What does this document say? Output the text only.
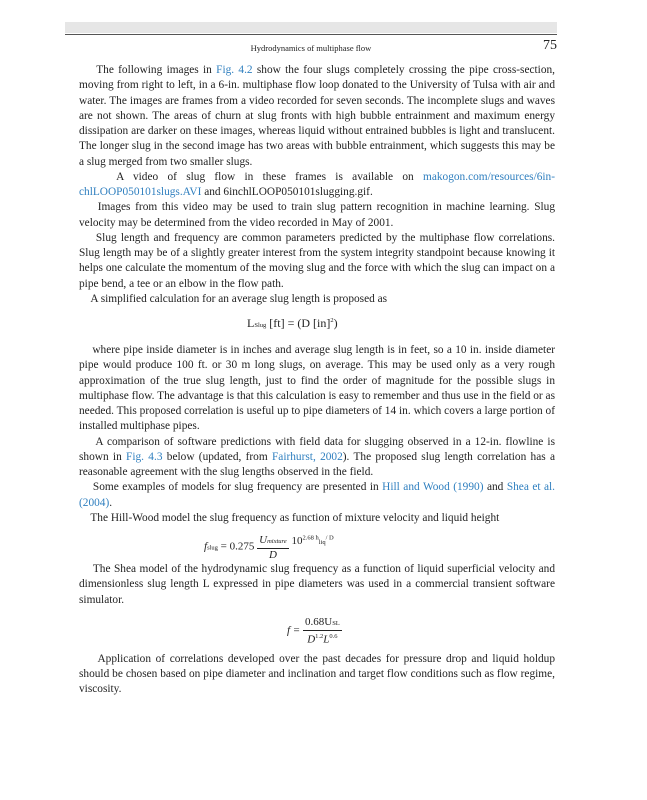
Hydrodynamics of multiphase flow	75

The following images in Fig. 4.2 show the four slugs completely crossing the pipe cross-section, moving from right to left, in a 6-in. multiphase flow loop donated to the University of Tulsa with air and water. The images are frames from a video recorded for seven seconds. The incomplete slugs and waves are not shown. The areas of churn at slug fronts with high bubble entrainment and maximum energy dissipation are darker on these images, whereas liquid without entrained bubbles is light and translucent. The longer slug in the second image has two areas with bubble entrainment, which suggests this may be a slug merged from two smaller slugs.

A video of slug flow in these frames is available on makogon.com/resources/6in-chlLOOP050101slugs.AVI and 6inchlLOOP050101slugging.gif.

Images from this video may be used to train slug pattern recognition in machine learning. Slug velocity may be determined from the video recorded in May of 2001.

Slug length and frequency are common parameters predicted by the multiphase flow correlations. Slug length may be of a slightly greater interest from the system integrity standpoint because knowing it helps one calculate the momentum of the moving slug and the force with which the slug can impact on a pipe bend, a tee or an elbow in the flow path.

A simplified calculation for an average slug length is proposed as

LSlug [ft] = (D [in]$^2$)

where pipe inside diameter is in inches and average slug length is in feet, so a 10 in. inside diameter pipe would produce 100 ft. or 30 m long slugs, on average. This may be used only as a very rough approximation of the true slug length, just to find the order of magnitude for the possible slugs in multiphase flow. The advantage is that this calculation is easy to remember and thus use in the field or as needed. This proposed correlation is useful up to pipe diameters of 14 in. which covers a large portion of installed multiphase pipes.

A comparison of software predictions with field data for slugging observed in a 12-in. flowline is shown in Fig. 4.3 below (updated, from Fairhurst, 2002). The proposed slug length correlation has a reasonable agreement with the slug lengths observed in the field.

Some examples of models for slug frequency are presented in Hill and Wood (1990) and Shea et al. (2004).

The Hill-Wood model the slug frequency as function of mixture velocity and liquid height

fslug = $0.275 \frac{\text{Umixture}}{D} 10^{2.68 h}liq^{/ D}$

The Shea model of the hydrodynamic slug frequency as a function of liquid superficial velocity and dimensionless slug length L expressed in pipe diameters was used in a commercial transient software simulator.

$f = \frac{\text{0.68USL}}{D^{1.2}L^{0.6}}$

Application of correlations developed over the past decades for pressure drop and liquid holdup should be chosen based on pipe diameter and inclination and target flow conditions such as flow regime, viscosity.
